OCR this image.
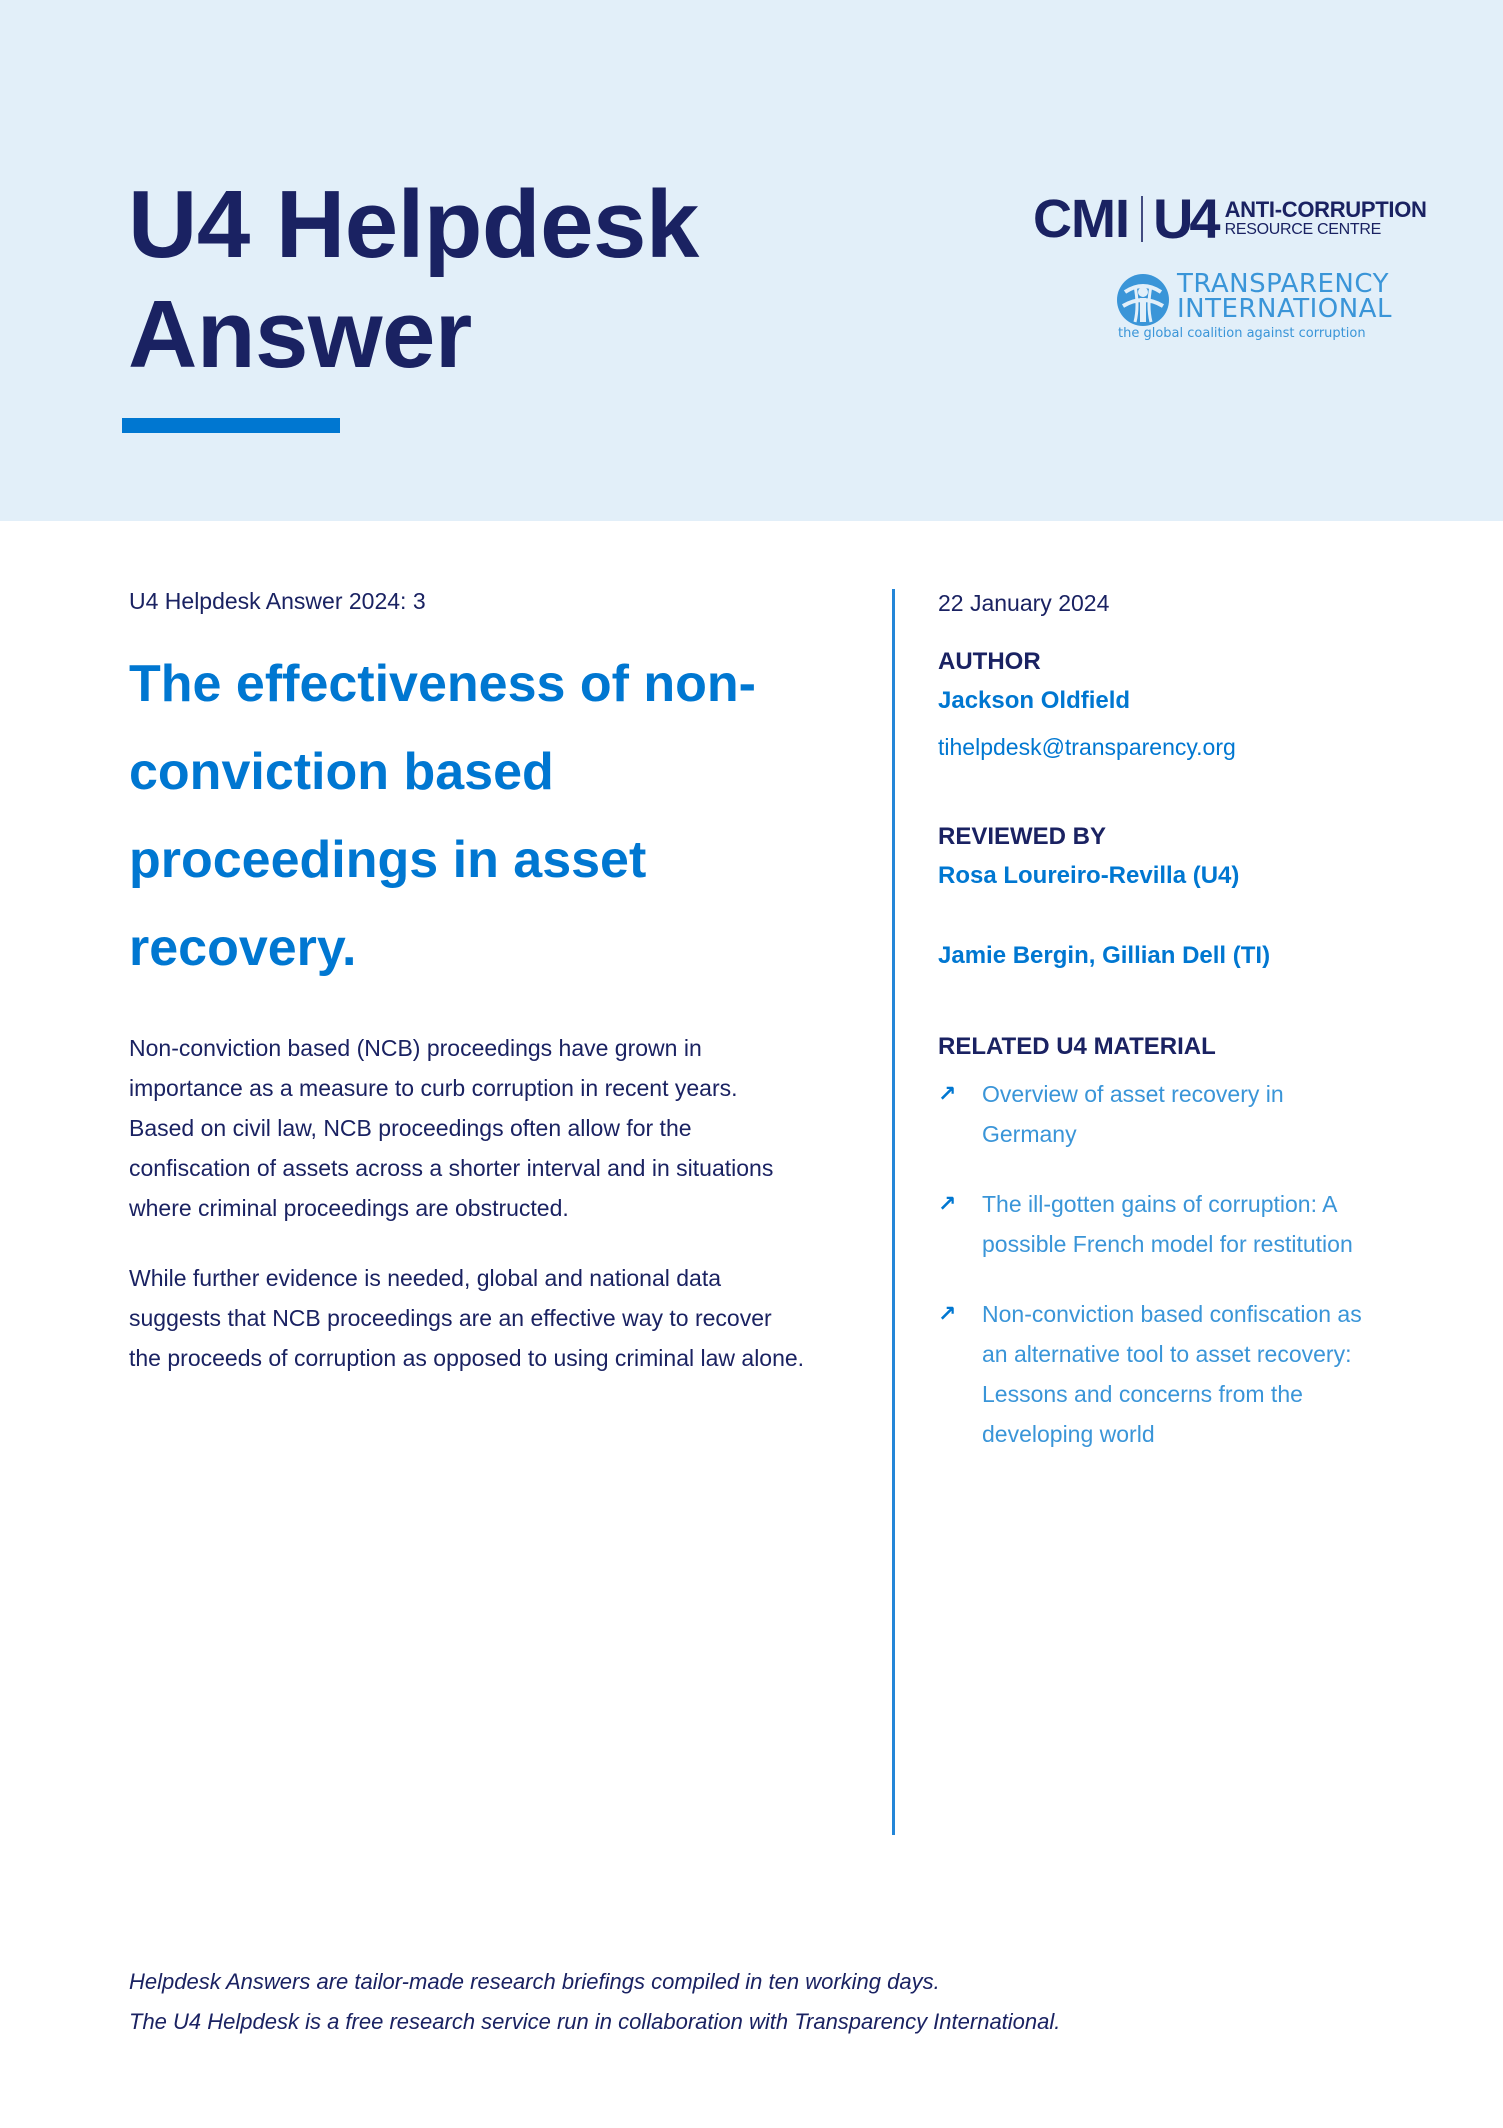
U4 Helpdesk
Answer
CMI U4 ANTI-CORRUPTION
RESOURCE CENTRE
TRANSPARENCY
INTERNATIONAL
the global coalition against corruption
U4 Helpdesk Answer 2024: 3
The effectiveness of non-
conviction based
proceedings in asset
recovery.

Non-conviction based (NCB) proceedings have grown in importance as a measure to curb corruption in recent years. Based on civil law, NCB proceedings often allow for the confiscation of assets across a shorter interval and in situations where criminal proceedings are obstructed.

While further evidence is needed, global and national data suggests that NCB proceedings are an effective way to recover the proceeds of corruption as opposed to using criminal law alone.

22 January 2024
AUTHOR
Jackson Oldfield
tihelpdesk@transparency.org
REVIEWED BY
Rosa Loureiro-Revilla (U4)
Jamie Bergin, Gillian Dell (TI)
RELATED U4 MATERIAL
↗	Overview of asset recovery in Germany
↗	The ill-gotten gains of corruption: A possible French model for restitution
↗	Non-conviction based confiscation as an alternative tool to asset recovery: Lessons and concerns from the developing world

Helpdesk Answers are tailor-made research briefings compiled in ten working days.

The U4 Helpdesk is a free research service run in collaboration with Transparency International.
